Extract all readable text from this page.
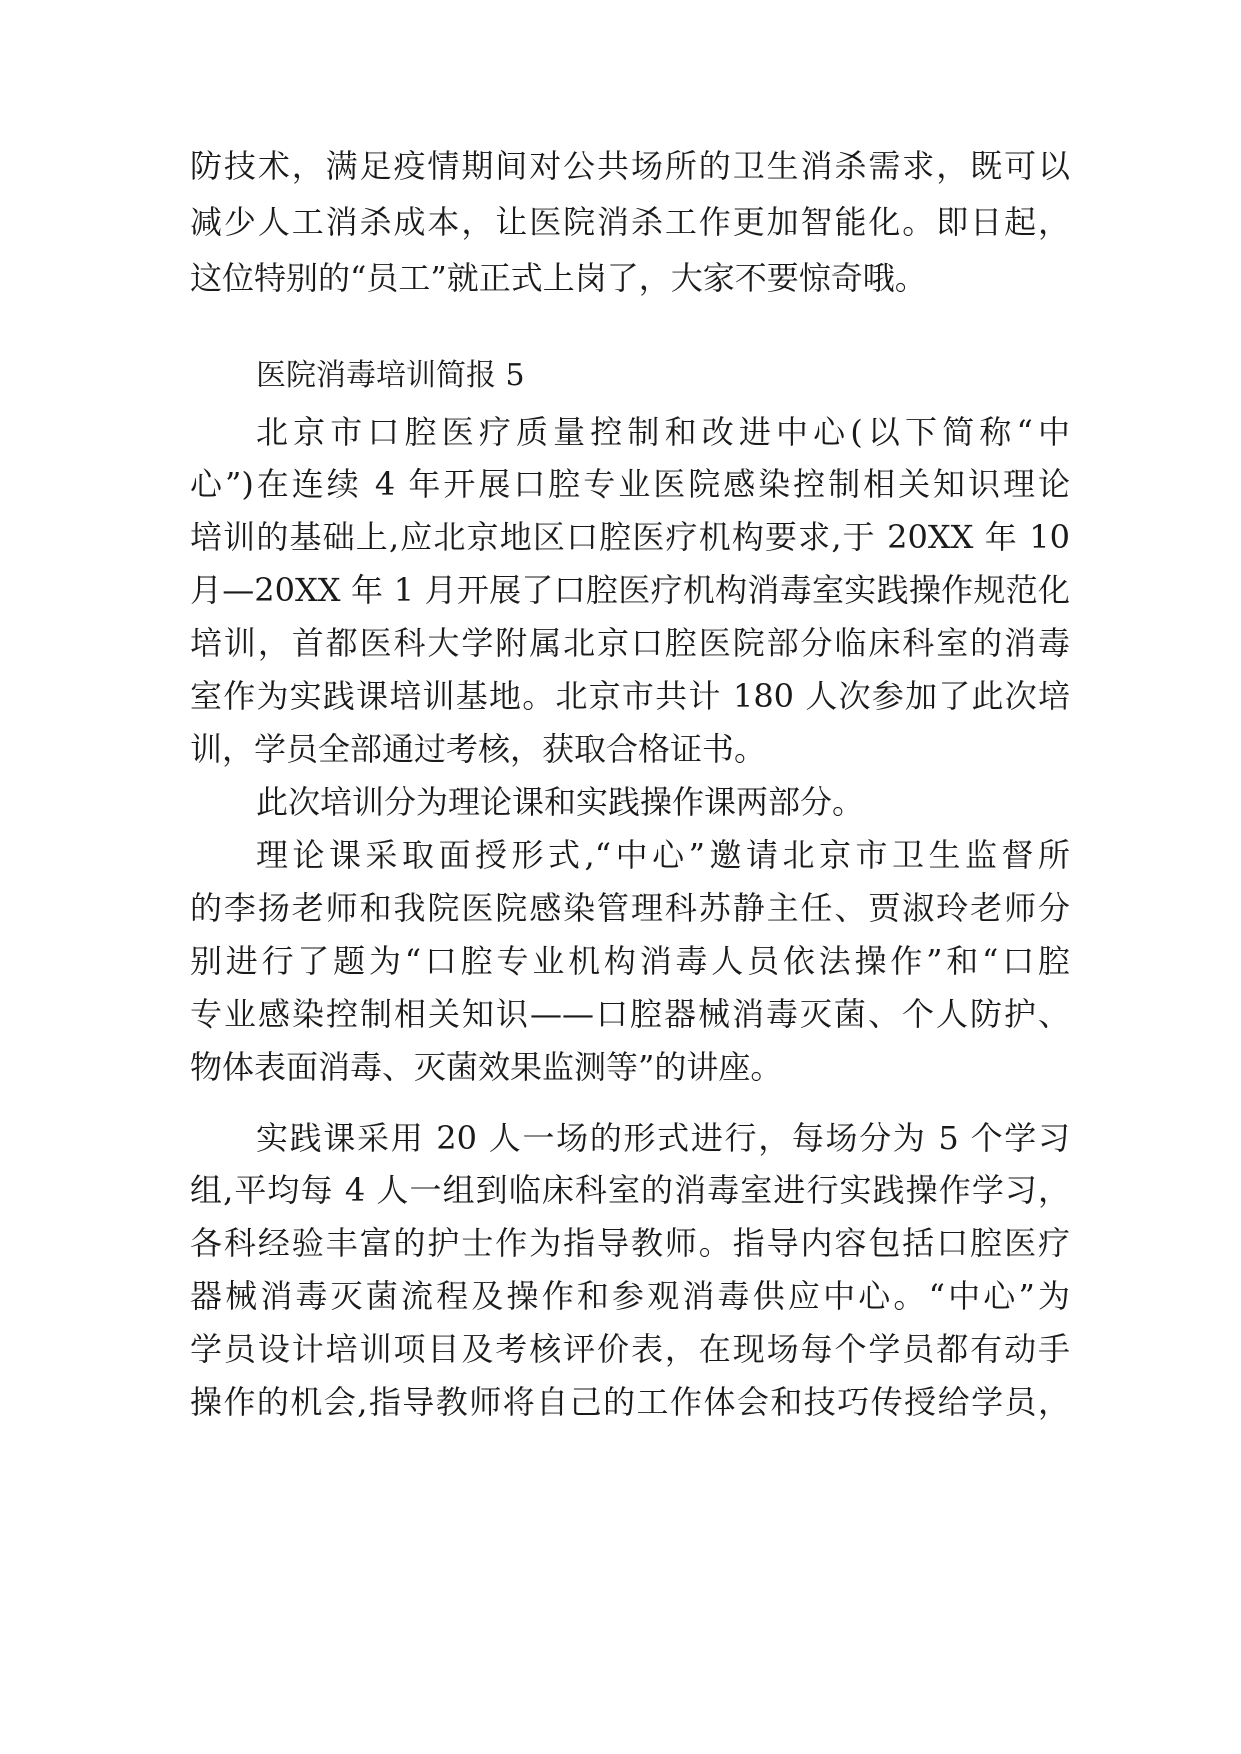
防技术，满足疫情期间对公共场所的卫生消杀需求，既可以

减少人工消杀成本，让医院消杀工作更加智能化。即日起，

这位特别的“员工”就正式上岗了，大家不要惊奇哦。

医院消毒培训简报 5

北京市口腔医疗质量控制和改进中心(以下简称“中

心”)在连续 4 年开展口腔专业医院感染控制相关知识理论

培训的基础上,应北京地区口腔医疗机构要求,于 20XX 年 10

月—20XX 年 1 月开展了口腔医疗机构消毒室实践操作规范化

培训，首都医科大学附属北京口腔医院部分临床科室的消毒

室作为实践课培训基地。北京市共计 180 人次参加了此次培

训，学员全部通过考核，获取合格证书。

此次培训分为理论课和实践操作课两部分。

理论课采取面授形式,“中心”邀请北京市卫生监督所

的李扬老师和我院医院感染管理科苏静主任、贾淑玲老师分

别进行了题为“口腔专业机构消毒人员依法操作”和“口腔

专业感染控制相关知识——口腔器械消毒灭菌、个人防护、

物体表面消毒、灭菌效果监测等”的讲座。

实践课采用 20 人一场的形式进行，每场分为 5 个学习

组,平均每 4 人一组到临床科室的消毒室进行实践操作学习，

各科经验丰富的护士作为指导教师。指导内容包括口腔医疗

器械消毒灭菌流程及操作和参观消毒供应中心。“中心”为

学员设计培训项目及考核评价表，在现场每个学员都有动手

操作的机会,指导教师将自己的工作体会和技巧传授给学员，
